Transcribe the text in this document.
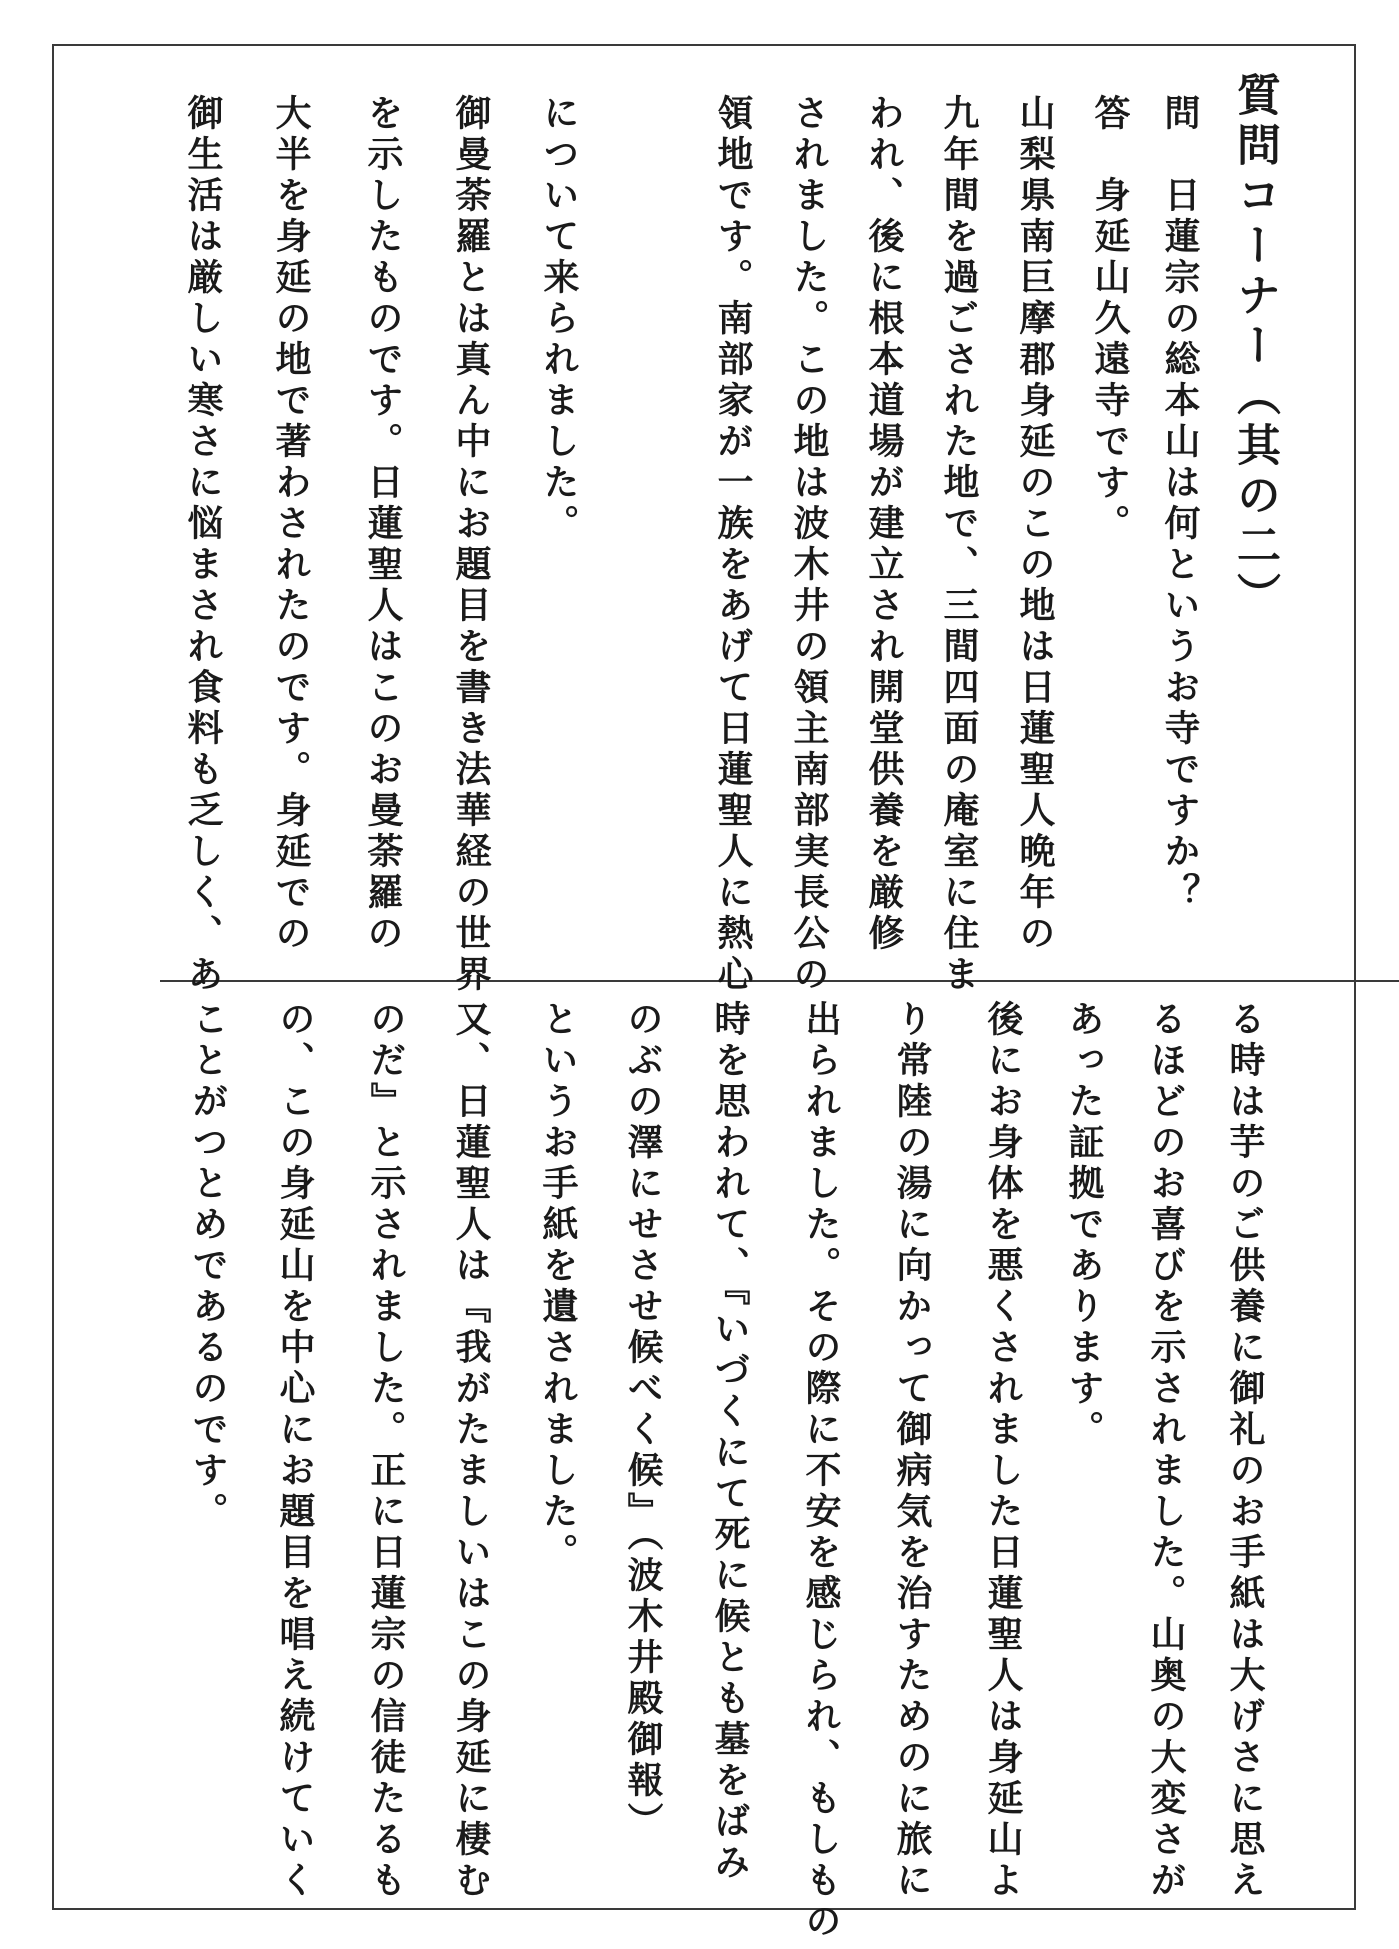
質問コーナー（其の二）
問　日蓮宗の総本山は何というお寺ですか？
答　身延山久遠寺です。
山梨県南巨摩郡身延のこの地は日蓮聖人晩年の
九年間を過ごされた地で、三間四面の庵室に住ま
われ、後に根本道場が建立され開堂供養を厳修
されました。この地は波木井の領主南部実長公の
領地です。南部家が一族をあげて日蓮聖人に熱心
について来られました。
御曼荼羅とは真ん中にお題目を書き法華経の世界
を示したものです。日蓮聖人はこのお曼荼羅の
大半を身延の地で著わされたのです。身延での
御生活は厳しい寒さに悩まされ食料も乏しく、あ
る時は芋のご供養に御礼のお手紙は大げさに思え
るほどのお喜びを示されました。山奥の大変さが
あった証拠であります。
後にお身体を悪くされました日蓮聖人は身延山よ
り常陸の湯に向かって御病気を治すためのに旅に
出られました。その際に不安を感じられ、もしもの
時を思われて、『いづくにて死に候とも墓をばみ
のぶの澤にせさせ候べく候』（波木井殿御報）
というお手紙を遺されました。
又、日蓮聖人は『我がたましいはこの身延に棲む
のだ』と示されました。正に日蓮宗の信徒たるも
の、この身延山を中心にお題目を唱え続けていく
ことがつとめであるのです。
